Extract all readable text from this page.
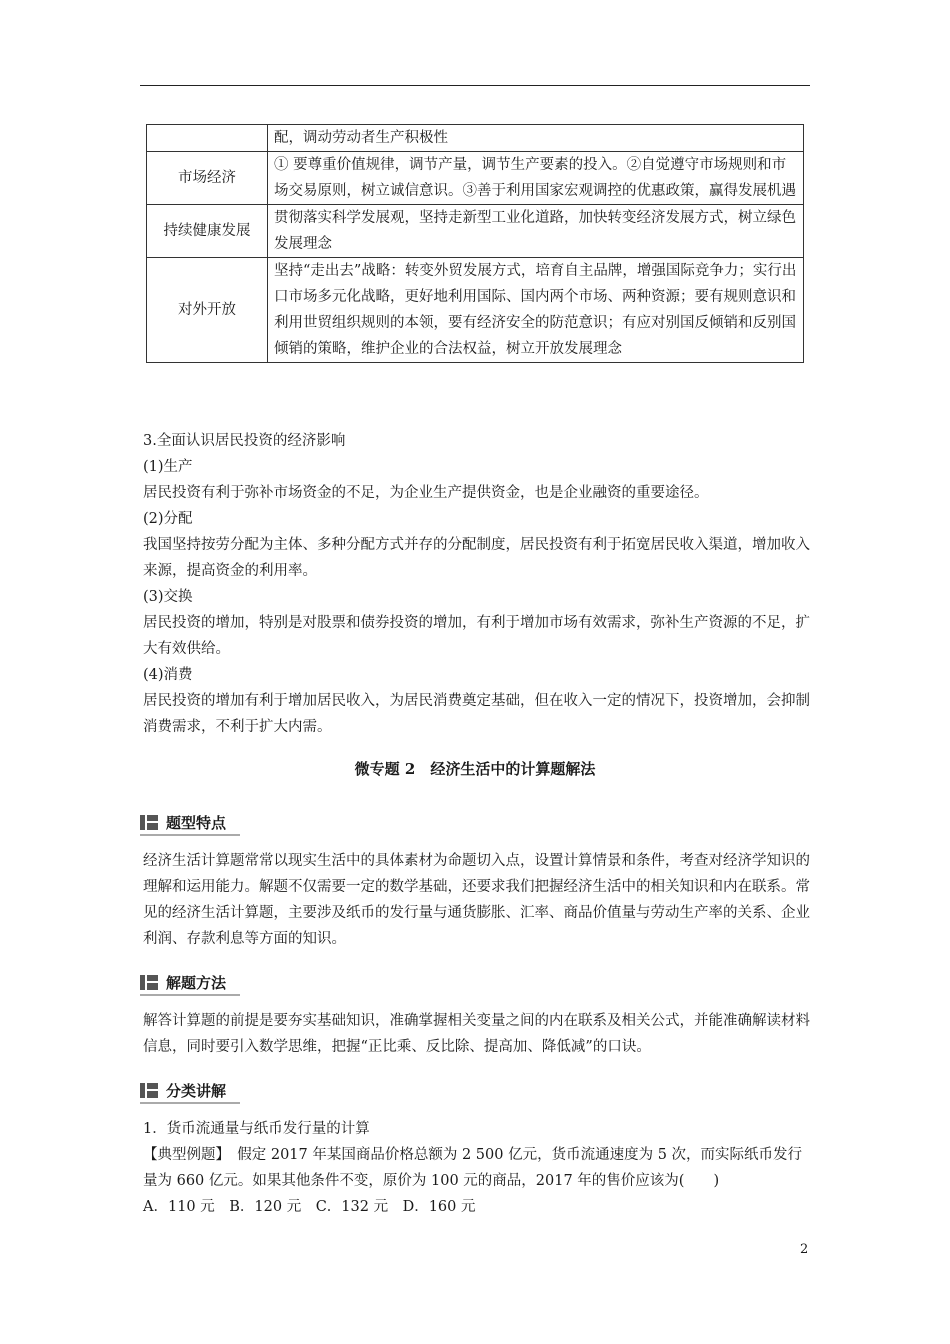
	配，调动劳动者生产积极性
市场经济	① 要尊重价值规律，调节产量，调节生产要素的投入。②自觉遵守市场规则和市场交易原则，树立诚信意识。③善于利用国家宏观调控的优惠政策，赢得发展机遇
持续健康发展	贯彻落实科学发展观，坚持走新型工业化道路，加快转变经济发展方式，树立绿色发展理念
对外开放	坚持“走出去”战略：转变外贸发展方式，培育自主品牌，增强国际竞争力；实行出口市场多元化战略，更好地利用国际、国内两个市场、两种资源；要有规则意识和利用世贸组织规则的本领，要有经济安全的防范意识；有应对别国反倾销和反别国倾销的策略，维护企业的合法权益，树立开放发展理念

3.全面认识居民投资的经济影响

(1)生产

居民投资有利于弥补市场资金的不足，为企业生产提供资金，也是企业融资的重要途径。

(2)分配

我国坚持按劳分配为主体、多种分配方式并存的分配制度，居民投资有利于拓宽居民收入渠道，增加收入来源，提高资金的利用率。

(3)交换

居民投资的增加，特别是对股票和债券投资的增加，有利于增加市场有效需求，弥补生产资源的不足，扩大有效供给。

(4)消费

居民投资的增加有利于增加居民收入，为居民消费奠定基础，但在收入一定的情况下，投资增加，会抑制消费需求，不利于扩大内需。

微专题 2　经济生活中的计算题解法
题型特点
经济生活计算题常常以现实生活中的具体素材为命题切入点，设置计算情景和条件，考查对经济学知识的理解和运用能力。解题不仅需要一定的数学基础，还要求我们把握经济生活中的相关知识和内在联系。常见的经济生活计算题，主要涉及纸币的发行量与通货膨胀、汇率、商品价值量与劳动生产率的关系、企业利润、存款利息等方面的知识。
解题方法
解答计算题的前提是要夯实基础知识，准确掌握相关变量之间的内在联系及相关公式，并能准确解读材料信息，同时要引入数学思维，把握“正比乘、反比除、提高加、降低减”的口诀。
分类讲解

1．货币流通量与纸币发行量的计算

【典型例题】　假定 2017 年某国商品价格总额为 2 500 亿元，货币流通速度为 5 次，而实际纸币发行量为 660 亿元。如果其他条件不变，原价为 100 元的商品，2017 年的售价应该为(　　)

A．110 元　B．120 元　C．132 元　D．160 元

2
